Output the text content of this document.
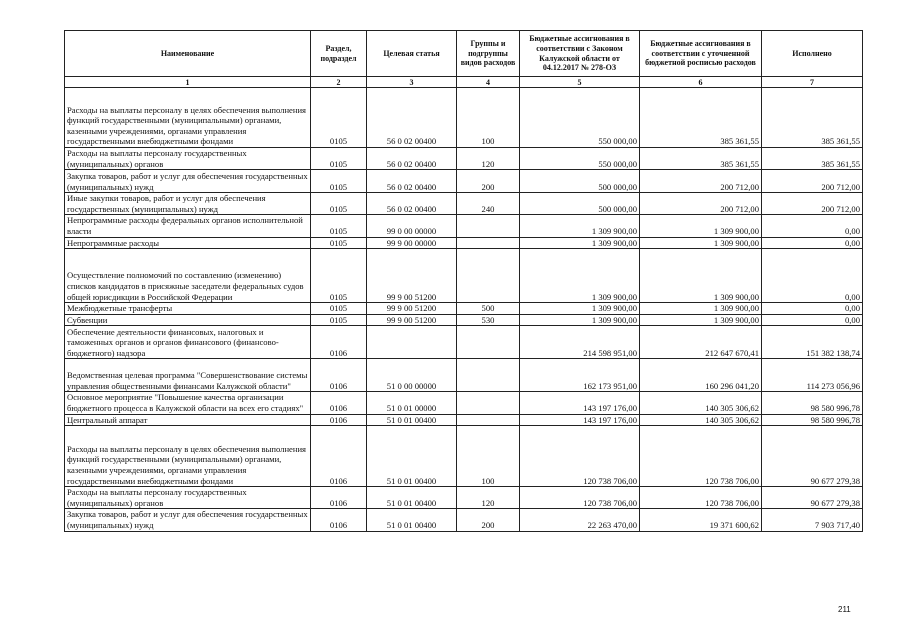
Наименование	Раздел, подраздел	Целевая статья	Группы и подгруппы видов расходов	Бюджетные ассигнования в соответствии с Законом Калужской области от 04.12.2017 № 278-ОЗ	Бюджетные ассигнования в соответствии с уточненной бюджетной росписью расходов	Исполнено
1	2	3	4	5	6	7
Расходы на выплаты персоналу в целях обеспечения выполнения функций государственными (муниципальными) органами, казенными учреждениями, органами управления государственными внебюджетными фондами	0105	56 0 02 00400	100	550 000,00	385 361,55	385 361,55
Расходы на выплаты персоналу государственных (муниципальных) органов	0105	56 0 02 00400	120	550 000,00	385 361,55	385 361,55
Закупка товаров, работ и услуг для обеспечения государственных (муниципальных) нужд	0105	56 0 02 00400	200	500 000,00	200 712,00	200 712,00
Иные закупки товаров, работ и услуг для обеспечения государственных (муниципальных) нужд	0105	56 0 02 00400	240	500 000,00	200 712,00	200 712,00
Непрограммные расходы федеральных органов исполнительной власти	0105	99 0 00 00000		1 309 900,00	1 309 900,00	0,00
Непрограммные расходы	0105	99 9 00 00000		1 309 900,00	1 309 900,00	0,00
Осуществление полномочий по составлению (изменению) списков кандидатов в присяжные заседатели федеральных судов общей юрисдикции в Российской Федерации	0105	99 9 00 51200		1 309 900,00	1 309 900,00	0,00
Межбюджетные трансферты	0105	99 9 00 51200	500	1 309 900,00	1 309 900,00	0,00
Субвенции	0105	99 9 00 51200	530	1 309 900,00	1 309 900,00	0,00
Обеспечение деятельности финансовых, налоговых и таможенных органов и органов финансового (финансово-бюджетного) надзора	0106			214 598 951,00	212 647 670,41	151 382 138,74
Ведомственная целевая программа "Совершенствование системы управления общественными финансами Калужской области"	0106	51 0 00 00000		162 173 951,00	160 296 041,20	114 273 056,96
Основное мероприятие "Повышение качества организации бюджетного процесса в Калужской области на всех его стадиях"	0106	51 0 01 00000		143 197 176,00	140 305 306,62	98 580 996,78
Центральный аппарат	0106	51 0 01 00400		143 197 176,00	140 305 306,62	98 580 996,78
Расходы на выплаты персоналу в целях обеспечения выполнения функций государственными (муниципальными) органами, казенными учреждениями, органами управления государственными внебюджетными фондами	0106	51 0 01 00400	100	120 738 706,00	120 738 706,00	90 677 279,38
Расходы на выплаты персоналу государственных (муниципальных) органов	0106	51 0 01 00400	120	120 738 706,00	120 738 706,00	90 677 279,38
Закупка товаров, работ и услуг для обеспечения государственных (муниципальных) нужд	0106	51 0 01 00400	200	22 263 470,00	19 371 600,62	7 903 717,40
211
